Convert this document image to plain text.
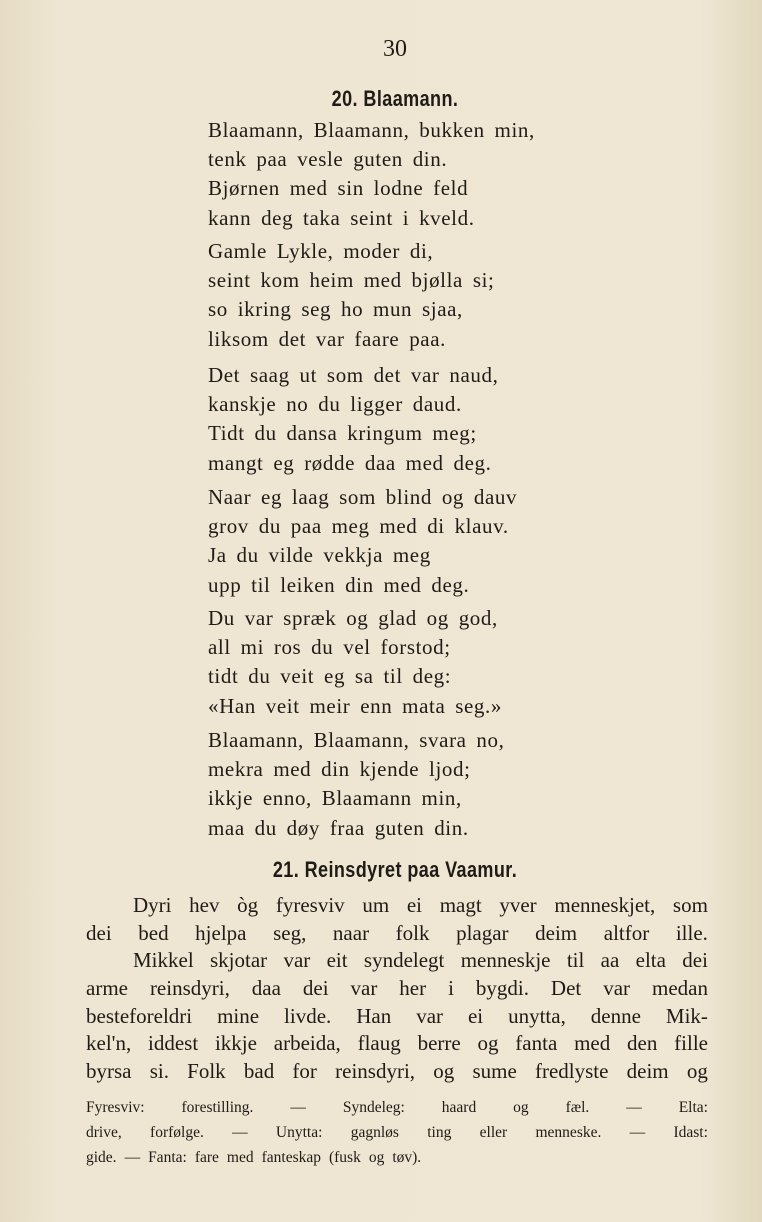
30
20. Blaamann.
Blaamann, Blaamann, bukken min,
tenk paa vesle guten din.
Bjørnen med sin lodne feld
kann deg taka seint i kveld.
Gamle Lykle, moder di,
seint kom heim med bjølla si;
so ikring seg ho mun sjaa,
liksom det var faare paa.
Det saag ut som det var naud,
kanskje no du ligger daud.
Tidt du dansa kringum meg;
mangt eg rødde daa med deg.
Naar eg laag som blind og dauv
grov du paa meg med di klauv.
Ja du vilde vekkja meg
upp til leiken din med deg.
Du var spræk og glad og god,
all mi ros du vel forstod;
tidt du veit eg sa til deg:
«Han veit meir enn mata seg.»
Blaamann, Blaamann, svara no,
mekra med din kjende ljod;
ikkje enno, Blaamann min,
maa du døy fraa guten din.
21. Reinsdyret paa Vaamur.
Dyri hev òg fyresviv um ei magt yver menneskjet, som
dei bed hjelpa seg, naar folk plagar deim altfor ille.
Mikkel skjotar var eit syndelegt menneskje til aa elta dei
arme reinsdyri, daa dei var her i bygdi. Det var medan
besteforeldri mine livde. Han var ei unytta, denne Mik-
kel'n, iddest ikkje arbeida, flaug berre og fanta med den fille
byrsa si. Folk bad for reinsdyri, og sume fredlyste deim og
Fyresviv: forestilling. — Syndeleg: haard og fæl. — Elta:
drive, forfølge. — Unytta: gagnløs ting eller menneske. — Idast:
gide. — Fanta: fare med fanteskap (fusk og tøv).
